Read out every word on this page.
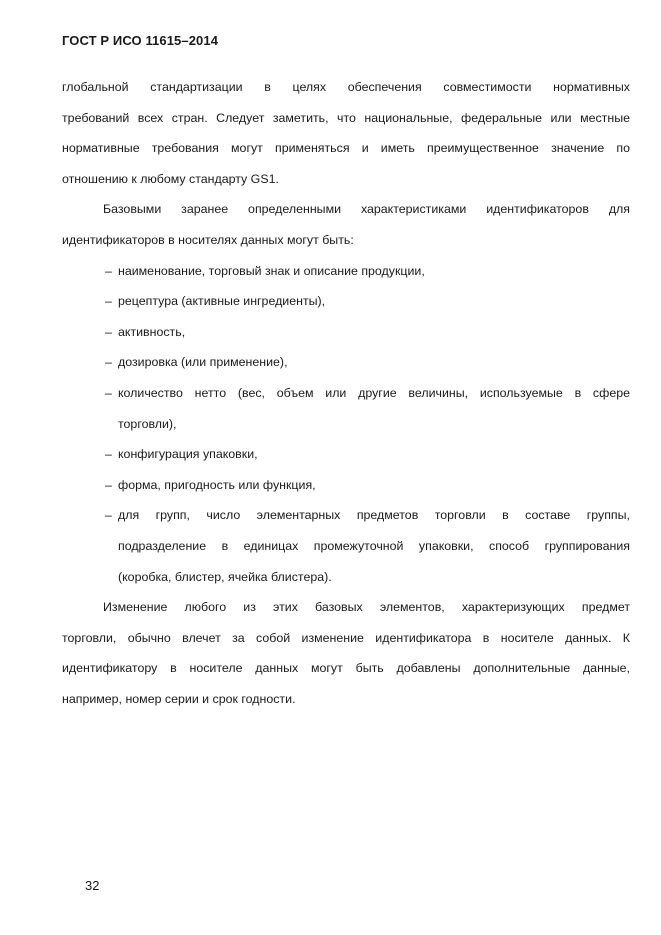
ГОСТ Р ИСО 11615–2014
глобальной стандартизации в целях обеспечения совместимости нормативных
требований всех стран. Следует заметить, что национальные, федеральные или местные
нормативные требования могут применяться и иметь преимущественное значение по
отношению к любому стандарту GS1.
Базовыми заранее определенными характеристиками идентификаторов для
идентификаторов в носителях данных могут быть:
– наименование, торговый знак и описание продукции,
– рецептура (активные ингредиенты),
– активность,
– дозировка (или применение),
– количество нетто (вес, объем или другие величины, используемые в сфере
торговли),
– конфигурация упаковки,
– форма, пригодность или функция,
– для групп, число элементарных предметов торговли в составе группы,
подразделение в единицах промежуточной упаковки, способ группирования
(коробка, блистер, ячейка блистера).
Изменение любого из этих базовых элементов, характеризующих предмет
торговли, обычно влечет за собой изменение идентификатора в носителе данных. К
идентификатору в носителе данных могут быть добавлены дополнительные данные,
например, номер серии и срок годности.
32
